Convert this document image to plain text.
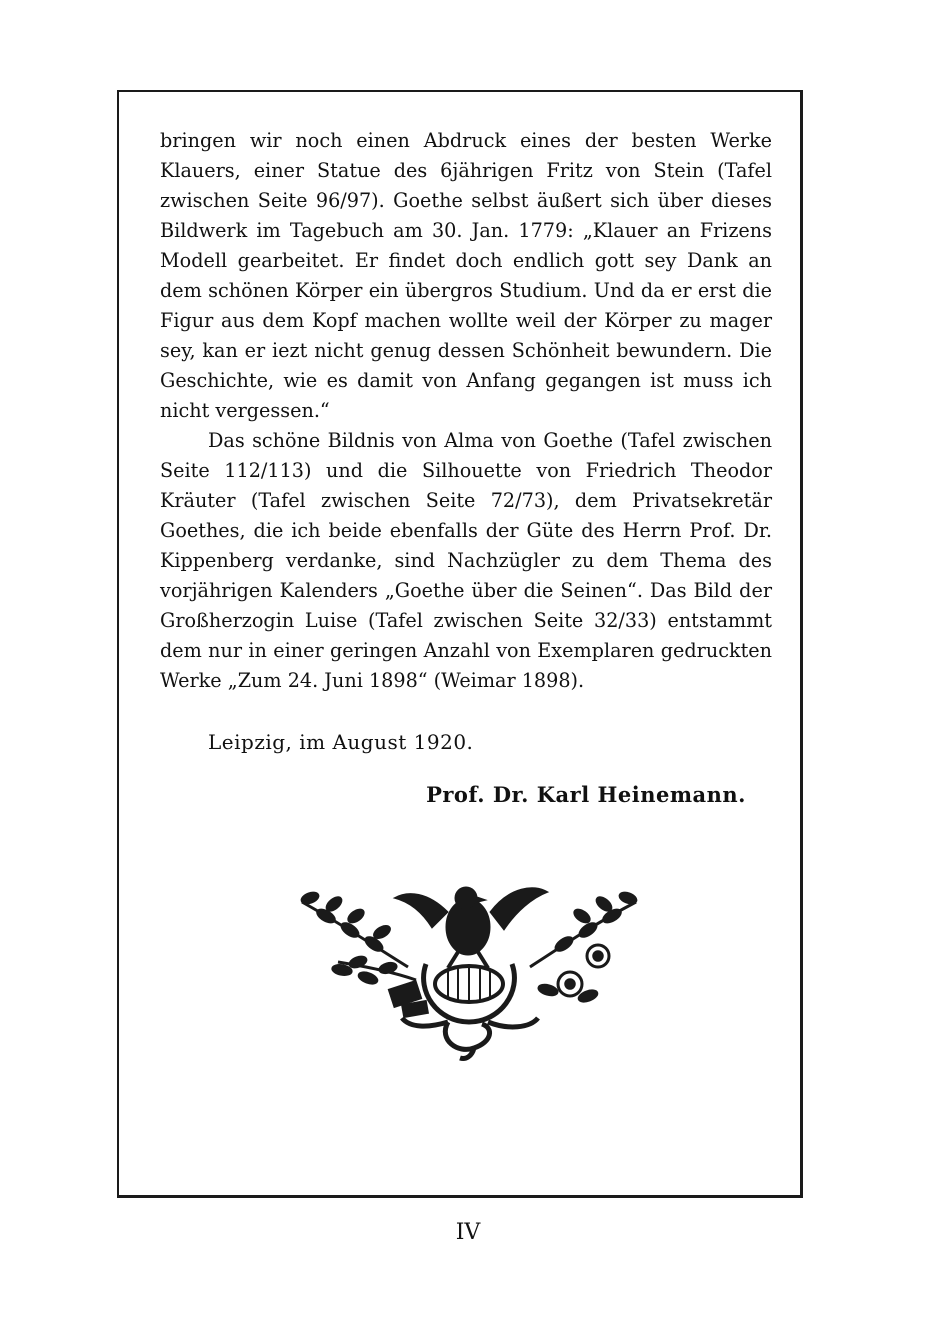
bringen wir noch einen Abdruck eines der besten Werke Klauers, einer Statue des 6jährigen Fritz von Stein (Tafel zwischen Seite 96/97). Goethe selbst äußert sich über dieses Bildwerk im Tagebuch am 30. Jan. 1779: „Klauer an Frizens Modell gearbeitet. Er findet doch endlich gott sey Dank an dem schönen Körper ein übergros Studium. Und da er erst die Figur aus dem Kopf machen wollte weil der Körper zu mager sey, kan er iezt nicht genug dessen Schönheit bewundern. Die Geschichte, wie es damit von Anfang gegangen ist muss ich nicht vergessen.“

Das schöne Bildnis von Alma von Goethe (Tafel zwischen Seite 112/113) und die Silhouette von Friedrich Theodor Kräuter (Tafel zwischen Seite 72/73), dem Privatsekretär Goethes, die ich beide ebenfalls der Güte des Herrn Prof. Dr. Kippenberg verdanke, sind Nachzügler zu dem Thema des vorjährigen Kalenders „Goethe über die Seinen“. Das Bild der Großherzogin Luise (Tafel zwischen Seite 32/33) entstammt dem nur in einer geringen Anzahl von Exemplaren gedruckten Werke „Zum 24. Juni 1898“ (Weimar 1898).

Leipzig, im August 1920.
Prof. Dr. Karl Heinemann.
IV
